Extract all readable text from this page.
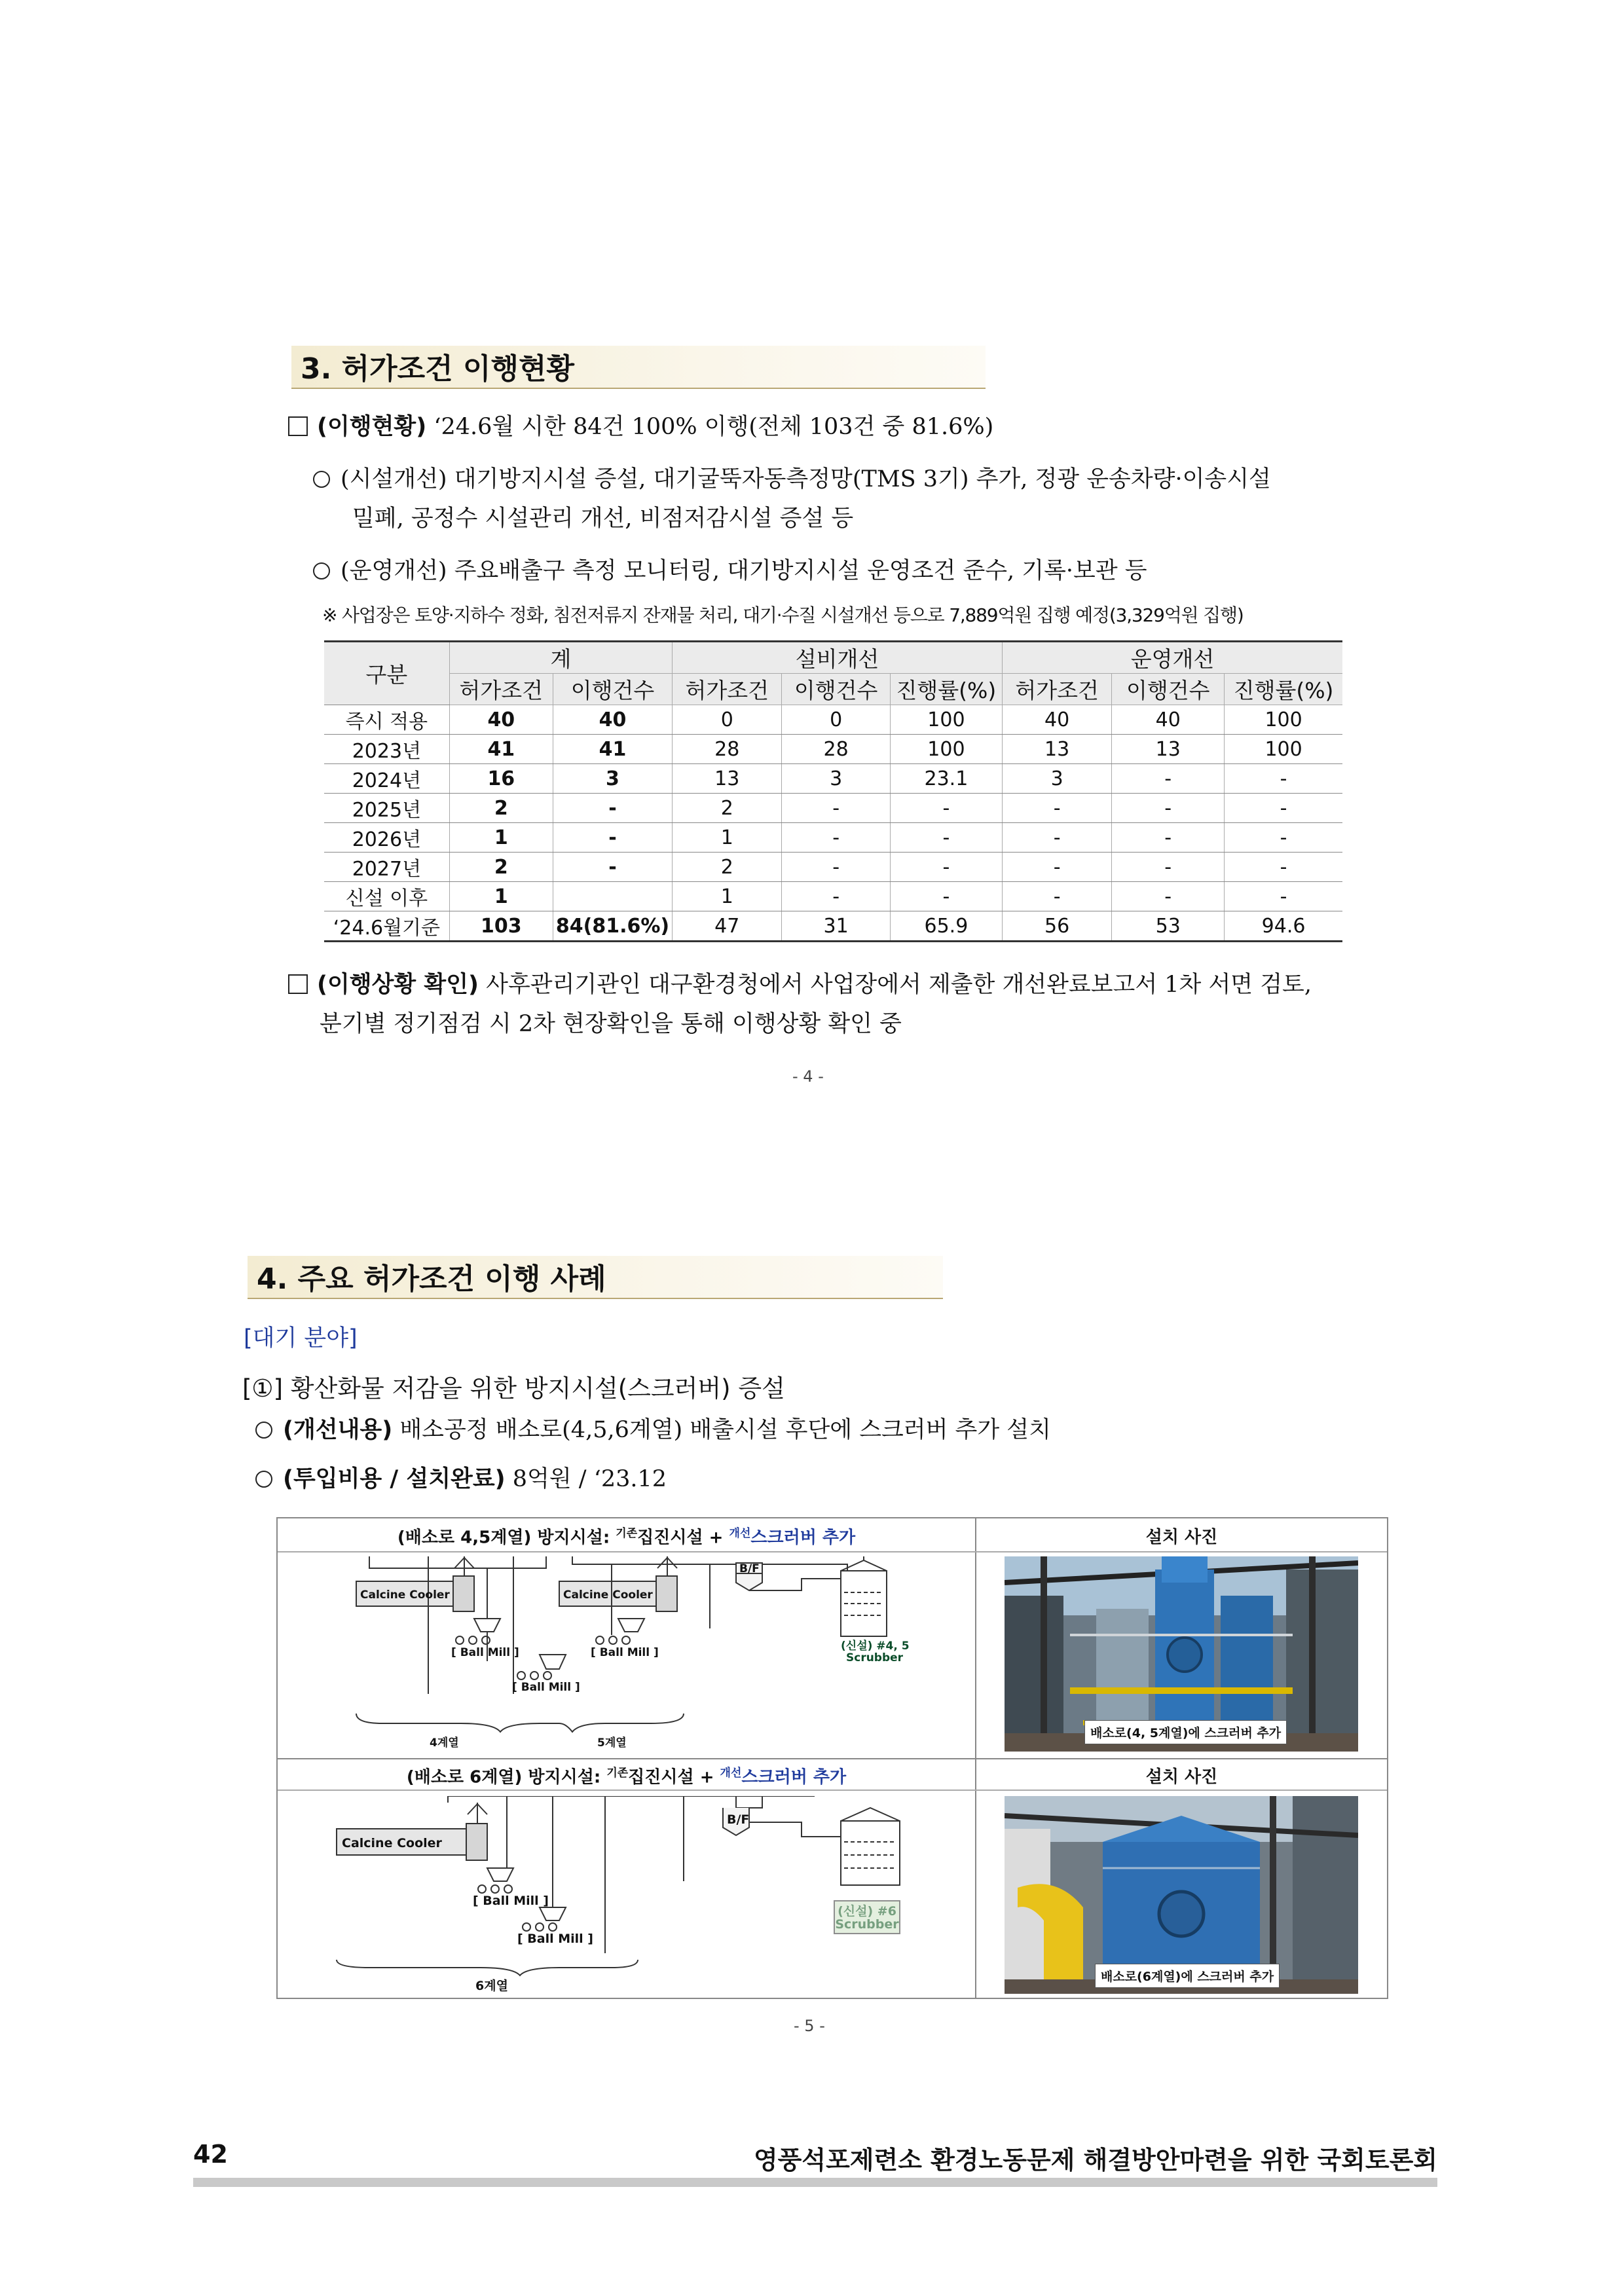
3. 허가조건 이행현황
(이행현황) ‘24.6월 시한 84건 100% 이행(전체 103건 중 81.6%)
(시설개선) 대기방지시설 증설, 대기굴뚝자동측정망(TMS 3기) 추가, 정광 운송차량·이송시설
밀폐, 공정수 시설관리 개선, 비점저감시설 증설 등
(운영개선) 주요배출구 측정 모니터링, 대기방지시설 운영조건 준수, 기록·보관 등
※ 사업장은 토양·지하수 정화, 침전저류지 잔재물 처리, 대기·수질 시설개선 등으로 7,889억원 집행 예정(3,329억원 집행)
구분	계		설비개선			운영개선		
	허가조건	이행건수	허가조건	이행건수	진행률(%)	허가조건	이행건수	진행률(%)
즉시 적용	40	40	0	0	100	40	40	100
2023년	41	41	28	28	100	13	13	100
2024년	16	3	13	3	23.1	3	-	-
2025년	2	-	2	-	-	-	-	-
2026년	1	-	1	-	-	-	-	-
2027년	2	-	2	-	-	-	-	-
신설 이후	1		1	-	-	-	-	-
‘24.6월기준	103	84(81.6%)	47	31	65.9	56	53	94.6
(이행상황 확인) 사후관리기관인 대구환경청에서 사업장에서 제출한 개선완료보고서 1차 서면 검토,
분기별 정기점검 시 2차 현장확인을 통해 이행상황 확인 중
- 4 -
4. 주요 허가조건 이행 사례
[대기 분야]
[①] 황산화물 저감을 위한 방지시설(스크러버) 증설
(개선내용) 배소공정 배소로(4,5,6계열) 배출시설 후단에 스크러버 추가 설치
(투입비용 / 설치완료) 8억원 / ‘23.12
(배소로 4,5계열) 방지시설: $^{기존}$집진시설 + $^{개선}$스크러버 추가	설치 사진
(배소로 6계열) 방지시설: $^{기존}$집진시설 + $^{개선}$스크러버 추가	설치 사진
Calcine Cooler	Calcine Cooler
[ Ball Mill ]	[ Ball Mill ]
[ Ball Mill ]
B/F
(신설) #4, 5
Scrubber
4계열	5계열
Calcine Cooler
[ Ball Mill ]
[ Ball Mill ]
B/F
6계열
배소로(4, 5계열)에 스크러버 추가
배소로(6계열)에 스크러버 추가
- 5 -
42	영풍석포제련소 환경노동문제 해결방안마련을 위한 국회토론회
